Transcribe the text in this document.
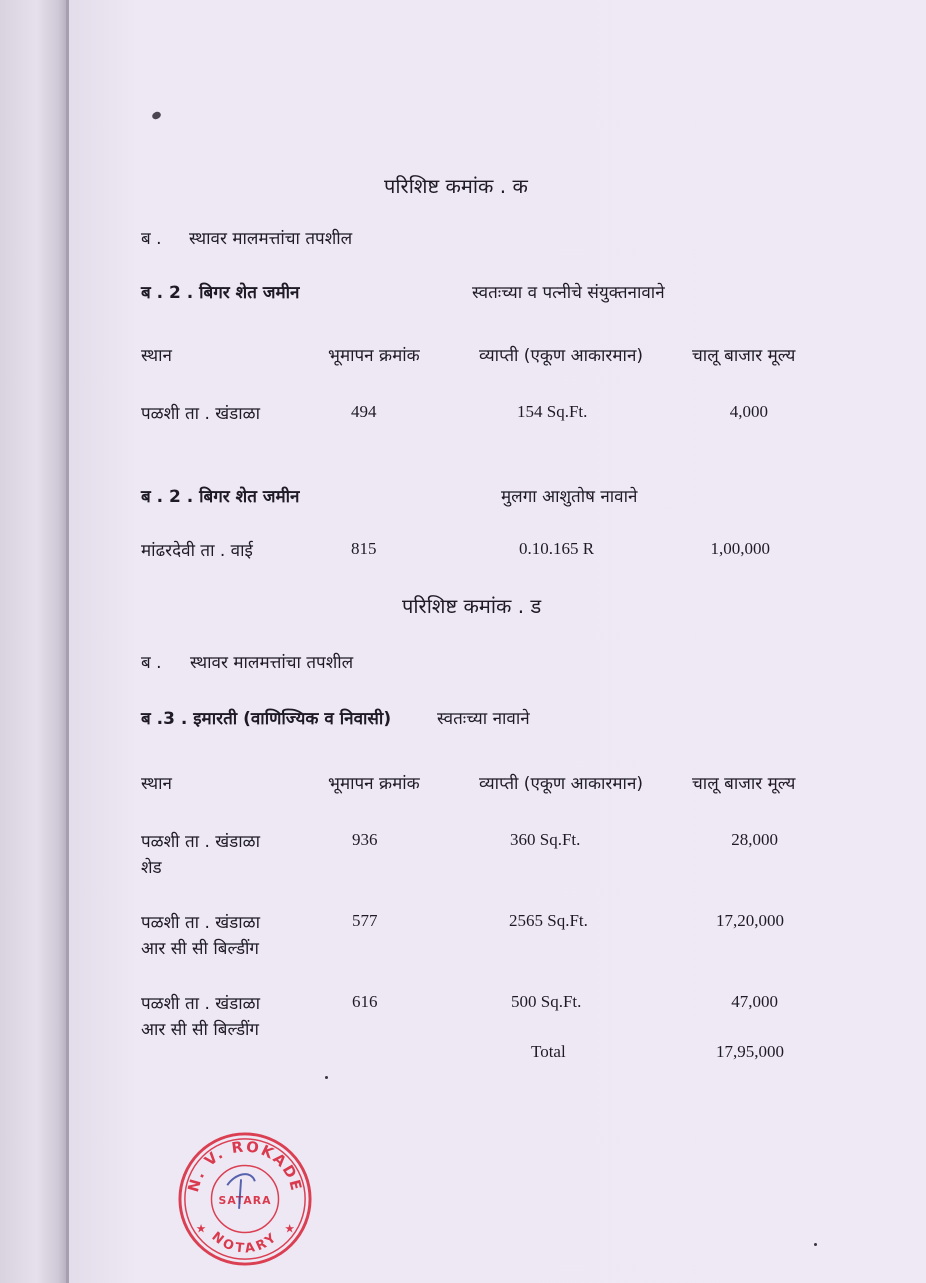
परिशिष्ट कमांक . क
ब . स्थावर मालमत्तांचा तपशील
ब . 2 . बिगर शेत जमीन	स्वतःच्या व पत्नीचे संयुक्तनावाने
स्थान	भूमापन क्रमांक	व्याप्ती (एकूण आकारमान)	चालू बाजार मूल्य
पळशी ता . खंडाळा	494	154 Sq.Ft.	4,000
ब . 2 . बिगर शेत जमीन	मुलगा आशुतोष नावाने
मांढरदेवी ता . वाई	815	0.10.165 R	1,00,000
परिशिष्ट कमांक . ड
ब . स्थावर मालमत्तांचा तपशील
ब .3 . इमारती (वाणिज्यिक व निवासी)	स्वतःच्या नावाने
स्थान	भूमापन क्रमांक	व्याप्ती (एकूण आकारमान)	चालू बाजार मूल्य
पळशी ता . खंडाळा
शेड
936	360 Sq.Ft.	28,000
पळशी ता . खंडाळा
आर सी सी बिल्डींग
577	2565 Sq.Ft.	17,20,000
पळशी ता . खंडाळा
आर सी सी बिल्डींग
616	500 Sq.Ft.	47,000
Total	17,95,000
N. V. ROKADE
NOTARY
SATARA
★	★
